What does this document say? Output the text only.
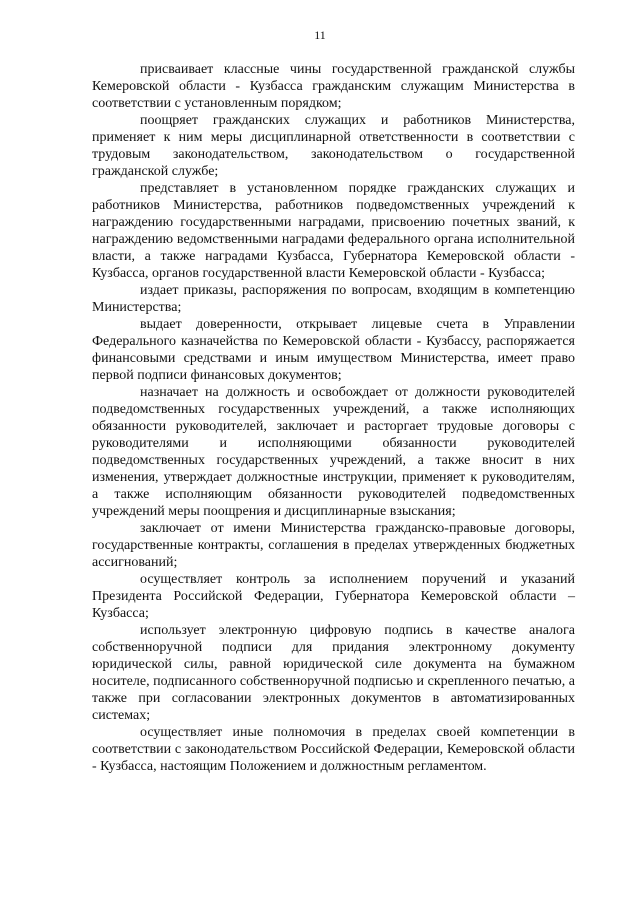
11

присваивает классные чины государственной гражданской службы Кемеровской области - Кузбасса гражданским служащим Министерства в соответствии с установленным порядком;

поощряет гражданских служащих и работников Министерства, применяет к ним меры дисциплинарной ответственности в соответствии с трудовым законодательством, законодательством о государственной гражданской службе;

представляет в установленном порядке гражданских служащих и работников Министерства, работников подведомственных учреждений к награждению государственными наградами, присвоению почетных званий, к награждению ведомственными наградами федерального органа исполнительной власти, а также наградами Кузбасса, Губернатора Кемеровской области - Кузбасса, органов государственной власти Кемеровской области - Кузбасса;

издает приказы, распоряжения по вопросам, входящим в компетенцию Министерства;

выдает доверенности, открывает лицевые счета в Управлении Федерального казначейства по Кемеровской области - Кузбассу, распоряжается финансовыми средствами и иным имуществом Министерства, имеет право первой подписи финансовых документов;

назначает на должность и освобождает от должности руководителей подведомственных государственных учреждений, а также исполняющих обязанности руководителей, заключает и расторгает трудовые договоры с руководителями и исполняющими обязанности руководителей подведомственных государственных учреждений, а также вносит в них изменения, утверждает должностные инструкции, применяет к руководителям, а также исполняющим обязанности руководителей подведомственных учреждений меры поощрения и дисциплинарные взыскания;

заключает от имени Министерства гражданско-правовые договоры, государственные контракты, соглашения в пределах утвержденных бюджетных ассигнований;

осуществляет контроль за исполнением поручений и указаний Президента Российской Федерации, Губернатора Кемеровской области – Кузбасса;

использует электронную цифровую подпись в качестве аналога собственноручной подписи для придания электронному документу юридической силы, равной юридической силе документа на бумажном носителе, подписанного собственноручной подписью и скрепленного печатью, а также при согласовании электронных документов в автоматизированных системах;

осуществляет иные полномочия в пределах своей компетенции в соответствии с законодательством Российской Федерации, Кемеровской области - Кузбасса, настоящим Положением и должностным регламентом.
